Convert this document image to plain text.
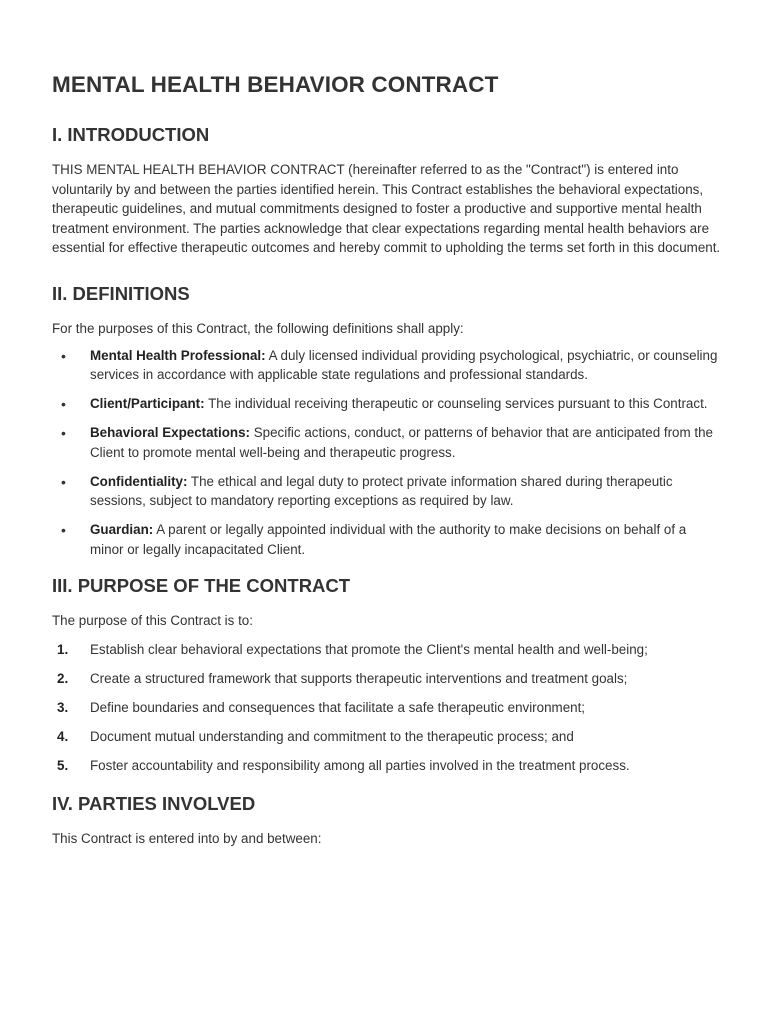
MENTAL HEALTH BEHAVIOR CONTRACT
I. INTRODUCTION

THIS MENTAL HEALTH BEHAVIOR CONTRACT (hereinafter referred to as the "Contract") is entered into voluntarily by and between the parties identified herein. This Contract establishes the behavioral expectations, therapeutic guidelines, and mutual commitments designed to foster a productive and supportive mental health treatment environment. The parties acknowledge that clear expectations regarding mental health behaviors are essential for effective therapeutic outcomes and hereby commit to upholding the terms set forth in this document.

II. DEFINITIONS

For the purposes of this Contract, the following definitions shall apply:

• Mental Health Professional: A duly licensed individual providing psychological, psychiatric, or counseling services in accordance with applicable state regulations and professional standards.
• Client/Participant: The individual receiving therapeutic or counseling services pursuant to this Contract.
• Behavioral Expectations: Specific actions, conduct, or patterns of behavior that are anticipated from the Client to promote mental well-being and therapeutic progress.
• Confidentiality: The ethical and legal duty to protect private information shared during therapeutic sessions, subject to mandatory reporting exceptions as required by law.
• Guardian: A parent or legally appointed individual with the authority to make decisions on behalf of a minor or legally incapacitated Client.
III. PURPOSE OF THE CONTRACT

The purpose of this Contract is to:

1. Establish clear behavioral expectations that promote the Client's mental health and well-being;
2. Create a structured framework that supports therapeutic interventions and treatment goals;
3. Define boundaries and consequences that facilitate a safe therapeutic environment;
4. Document mutual understanding and commitment to the therapeutic process; and
5. Foster accountability and responsibility among all parties involved in the treatment process.
IV. PARTIES INVOLVED

This Contract is entered into by and between:
